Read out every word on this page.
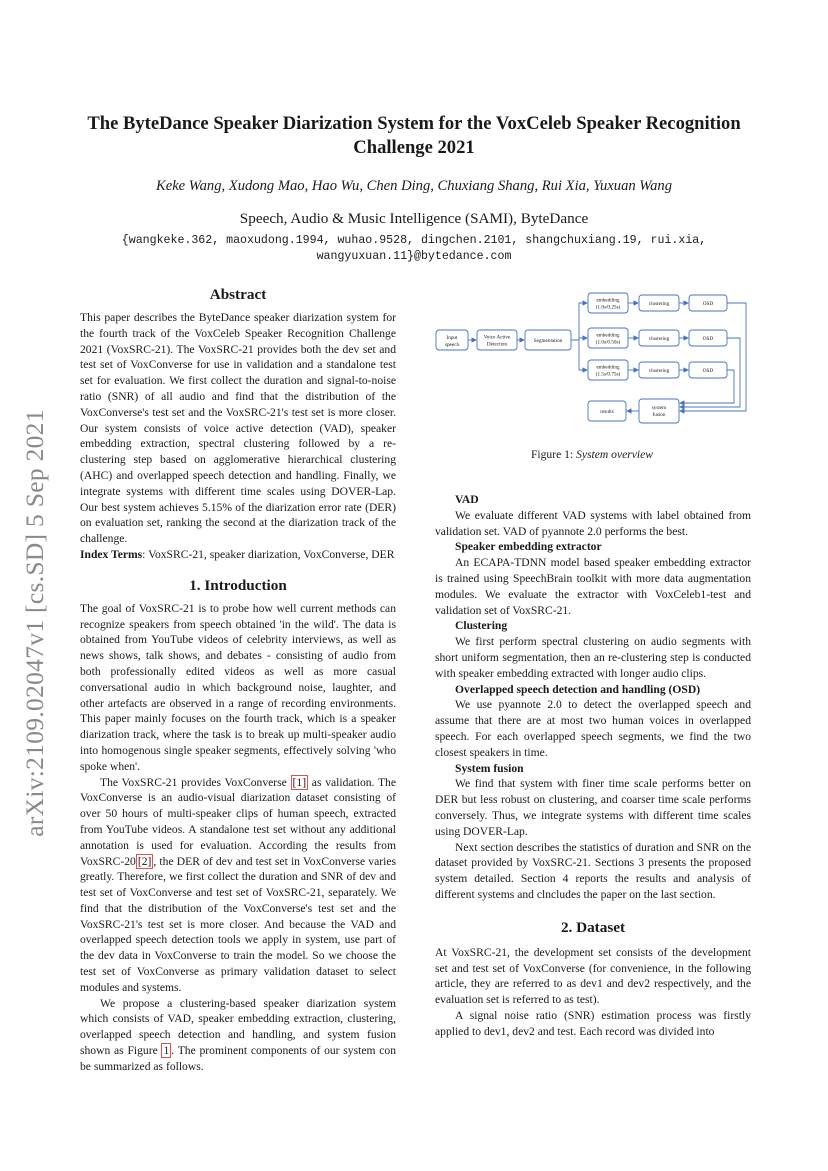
arXiv:2109.02047v1 [cs.SD] 5 Sep 2021
The ByteDance Speaker Diarization System for the VoxCeleb Speaker Recognition Challenge 2021
Keke Wang, Xudong Mao, Hao Wu, Chen Ding, Chuxiang Shang, Rui Xia, Yuxuan Wang
Speech, Audio & Music Intelligence (SAMI), ByteDance
{wangkeke.362, maoxudong.1994, wuhao.9528, dingchen.2101, shangchuxiang.19, rui.xia, wangyuxuan.11}@bytedance.com
Abstract

This paper describes the ByteDance speaker diarization system for the fourth track of the VoxCeleb Speaker Recognition Challenge 2021 (VoxSRC-21). The VoxSRC-21 provides both the dev set and test set of VoxConverse for use in validation and a standalone test set for evaluation. We first collect the duration and signal-to-noise ratio (SNR) of all audio and find that the distribution of the VoxConverse's test set and the VoxSRC-21's test set is more closer. Our system consists of voice active detection (VAD), speaker embedding extraction, spectral clustering followed by a re-clustering step based on agglomerative hierarchical clustering (AHC) and overlapped speech detection and handling. Finally, we integrate systems with different time scales using DOVER-Lap. Our best system achieves 5.15% of the diarization error rate (DER) on evaluation set, ranking the second at the diarization track of the challenge.

Index Terms: VoxSRC-21, speaker diarization, VoxConverse, DER

1. Introduction

The goal of VoxSRC-21 is to probe how well current methods can recognize speakers from speech obtained 'in the wild'. The data is obtained from YouTube videos of celebrity interviews, as well as news shows, talk shows, and debates - consisting of audio from both professionally edited videos as well as more casual conversational audio in which background noise, laughter, and other artefacts are observed in a range of recording environments. This paper mainly focuses on the fourth track, which is a speaker diarization track, where the task is to break up multi-speaker audio into homogenous single speaker segments, effectively solving 'who spoke when'.

The VoxSRC-21 provides VoxConverse [1] as validation. The VoxConverse is an audio-visual diarization dataset consisting of over 50 hours of multi-speaker clips of human speech, extracted from YouTube videos. A standalone test set without any additional annotation is used for evaluation. According the results from VoxSRC-20 [2] , the DER of dev and test set in VoxConverse varies greatly. Therefore, we first collect the duration and SNR of dev and test set of VoxConverse and test set of VoxSRC-21, separately. We find that the distribution of the VoxConverse's test set and the VoxSRC-21's test set is more closer. And because the VAD and overlapped speech detection tools we apply in system, use part of the dev data in VoxConverse to train the model. So we choose the test set of VoxConverse as primary validation dataset to select modules and systems.

We propose a clustering-based speaker diarization system which consists of VAD, speaker embedding extraction, clustering, overlapped speech detection and handling, and system fusion shown as Figure 1 . The prominent components of our system con be summarized as follows.

Input
speech
Voice Active
Detection
Segmentation
embedding
(1.0s/0.25s)
embedding
(1.0s/0.50s)
embedding
(1.5s/0.75s)
clustering
clustering
clustering
OSD
OSD
OSD
results
system
fusion
Figure 1: System overview

VAD

We evaluate different VAD systems with label obtained from validation set. VAD of pyannote 2.0 performs the best.

Speaker embedding extractor

An ECAPA-TDNN model based speaker embedding extractor is trained using SpeechBrain toolkit with more data augmentation modules. We evaluate the extractor with VoxCeleb1-test and validation set of VoxSRC-21.

Clustering

We first perform spectral clustering on audio segments with short uniform segmentation, then an re-clustering step is conducted with speaker embedding extracted with longer audio clips.

Overlapped speech detection and handling (OSD)

We use pyannote 2.0 to detect the overlapped speech and assume that there are at most two human voices in overlapped speech. For each overlapped speech segments, we find the two closest speakers in time.

System fusion

We find that system with finer time scale performs better on DER but less robust on clustering, and coarser time scale performs conversely. Thus, we integrate systems with different time scales using DOVER-Lap.

Next section describes the statistics of duration and SNR on the dataset provided by VoxSRC-21. Sections 3 presents the proposed system detailed. Section 4 reports the results and analysis of different systems and clncludes the paper on the last section.

2. Dataset

At VoxSRC-21, the development set consists of the development set and test set of VoxConverse (for convenience, in the following article, they are referred to as dev1 and dev2 respectively, and the evaluation set is referred to as test).

A signal noise ratio (SNR) estimation process was firstly applied to dev1, dev2 and test. Each record was divided into
